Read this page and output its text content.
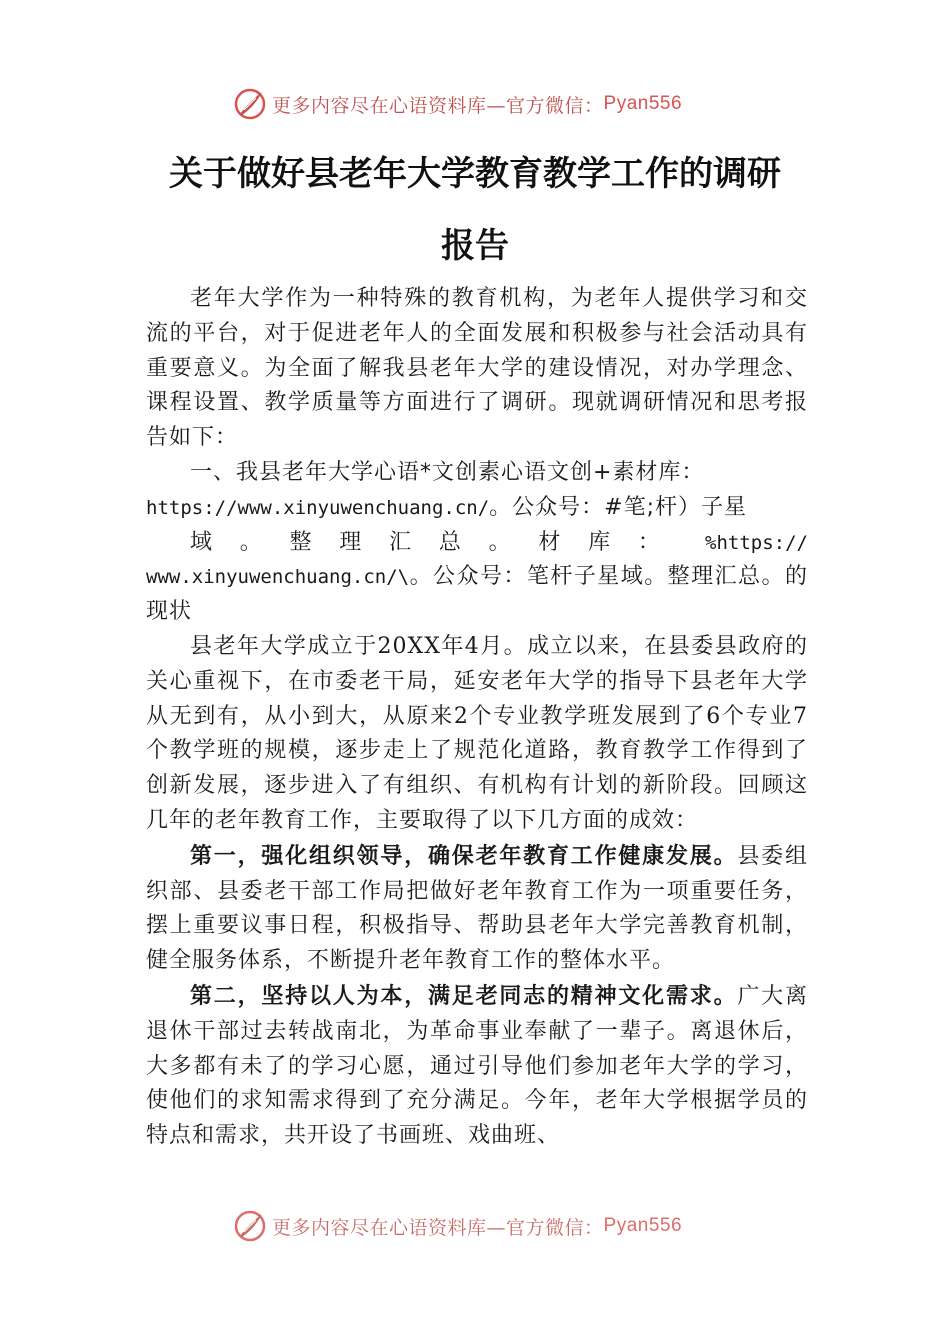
更多内容尽在心语资料库—官方微信： Pyan556
关于做好县老年大学教育教学工作的调研
报告

老年大学作为一种特殊的教育机构，为老年人提供学习和交流的平台，对于促进老年人的全面发展和积极参与社会活动具有重要意义。为全面了解我县老年大学的建设情况，对办学理念、课程设置、教学质量等方面进行了调研。现就调研情况和思考报告如下：

一、我县老年大学心语*文创素心语文创+素材库：

https://www.xinyuwenchuang.cn/。公众号：#笔;杆）子星

域 。 整 理 汇 总 。 材 库 ： %https://

www.xinyuwenchuang.cn/\。公众号：笔杆子星域。整理汇总。的现状

县老年大学成立于20XX年4月。成立以来，在县委县政府的关心重视下，在市委老干局，延安老年大学的指导下县老年大学从无到有，从小到大，从原来2个专业教学班发展到了6个专业7个教学班的规模，逐步走上了规范化道路，教育教学工作得到了创新发展，逐步进入了有组织、有机构有计划的新阶段。回顾这几年的老年教育工作，主要取得了以下几方面的成效：

第一，强化组织领导，确保老年教育工作健康发展。县委组织部、县委老干部工作局把做好老年教育工作为一项重要任务，摆上重要议事日程，积极指导、帮助县老年大学完善教育机制，健全服务体系，不断提升老年教育工作的整体水平。

第二，坚持以人为本，满足老同志的精神文化需求。广大离退休干部过去转战南北，为革命事业奉献了一辈子。离退休后，大多都有未了的学习心愿，通过引导他们参加老年大学的学习，使他们的求知需求得到了充分满足。今年，老年大学根据学员的特点和需求，共开设了书画班、戏曲班、

更多内容尽在心语资料库—官方微信： Pyan556
